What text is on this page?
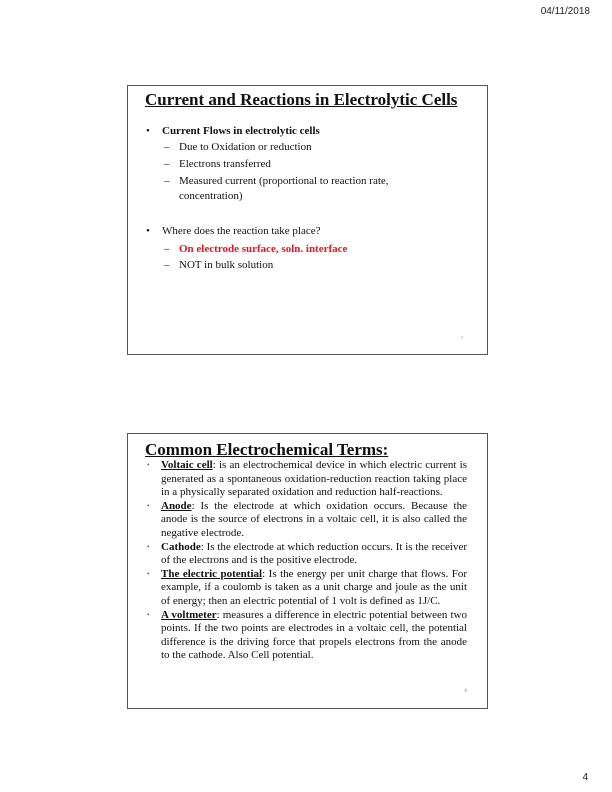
04/11/2018
Current and Reactions in Electrolytic Cells
• Current Flows in electrolytic cells
– Due to Oxidation or reduction
– Electrons transferred
– Measured current (proportional to reaction rate, concentration)
• Where does the reaction take place?
– On electrode surface, soln. interface
– NOT in bulk solution
7
Common Electrochemical Terms:
• Voltaic cell: is an electrochemical device in which electric current is generated as a spontaneous oxidation-reduction reaction taking place in a physically separated oxidation and reduction half-reactions.
• Anode: Is the electrode at which oxidation occurs. Because the anode is the source of electrons in a voltaic cell, it is also called the negative electrode.
• Cathode: Is the electrode at which reduction occurs. It is the receiver of the electrons and is the positive electrode.
• The electric potential: Is the energy per unit charge that flows. For example, if a coulomb is taken as a unit charge and joule as the unit of energy; then an electric potential of 1 volt is defined as 1J/C.
• A voltmeter: measures a difference in electric potential between two points. If the two points are electrodes in a voltaic cell, the potential difference is the driving force that propels electrons from the anode to the cathode. Also Cell potential.
8
4
